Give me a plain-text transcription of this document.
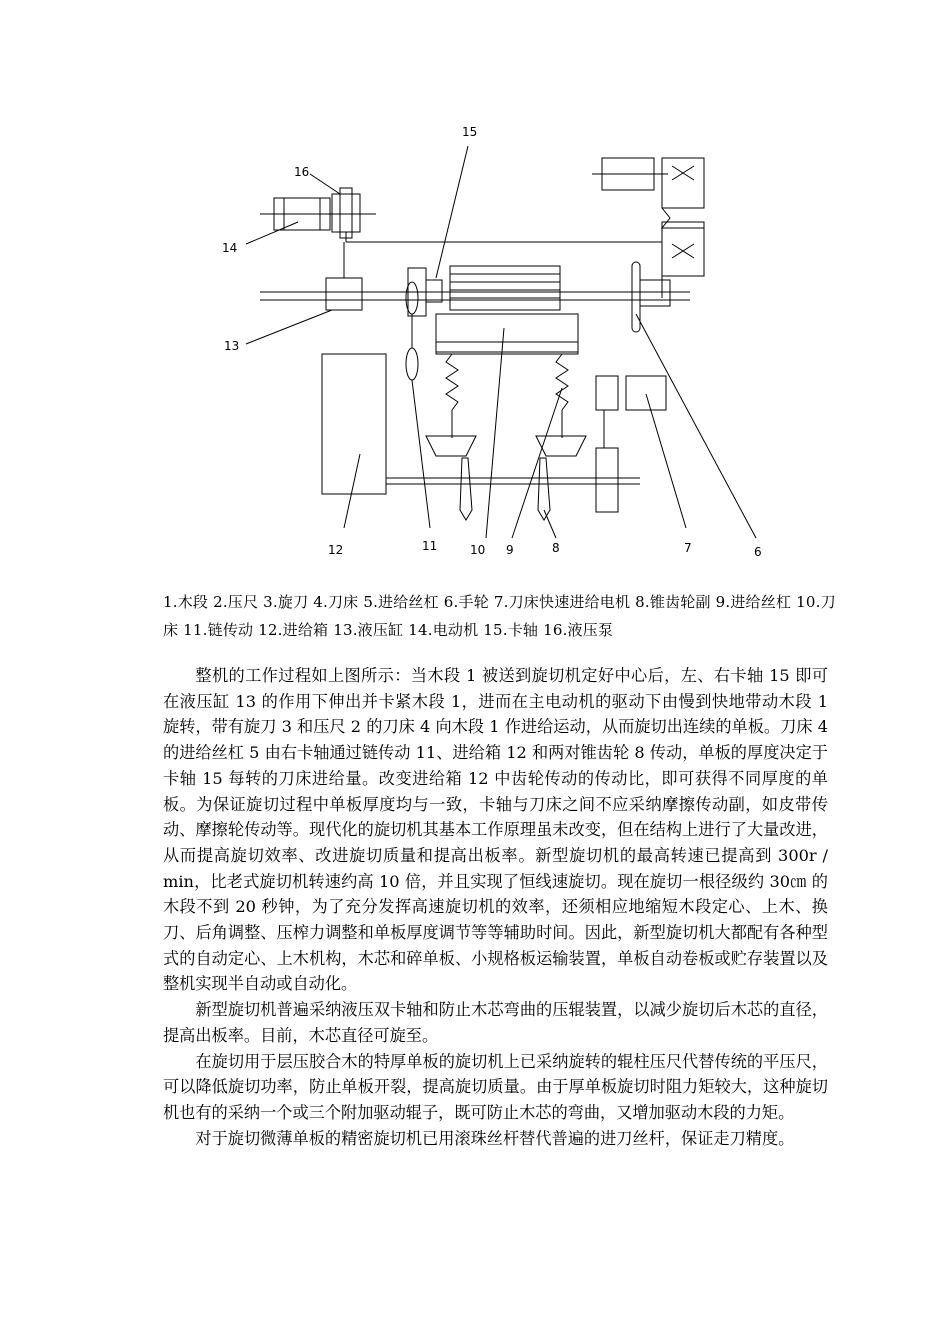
15
16
14
13
12	11	10 9	8	7	6
1.木段 2.压尺 3.旋刀 4.刀床 5.进给丝杠 6.手轮 7.刀床快速进给电机 8.锥齿轮副 9.进给丝杠 10.刀床 11.链传动 12.进给箱 13.液压缸 14.电动机 15.卡轴 16.液压泵

整机的工作过程如上图所示：当木段 1 被送到旋切机定好中心后，左、右卡轴 15 即可在液压缸 13 的作用下伸出并卡紧木段 1，进而在主电动机的驱动下由慢到快地带动木段 1 旋转，带有旋刀 3 和压尺 2 的刀床 4 向木段 1 作进给运动，从而旋切出连续的单板。刀床 4 的进给丝杠 5 由右卡轴通过链传动 11、进给箱 12 和两对锥齿轮 8 传动，单板的厚度决定于卡轴 15 每转的刀床进给量。改变进给箱 12 中齿轮传动的传动比，即可获得不同厚度的单板。为保证旋切过程中单板厚度均与一致，卡轴与刀床之间不应采纳摩擦传动副，如皮带传动、摩擦轮传动等。现代化的旋切机其基本工作原理虽未改变，但在结构上进行了大量改进，从而提高旋切效率、改进旋切质量和提高出板率。新型旋切机的最高转速已提高到 300r / min，比老式旋切机转速约高 10 倍，并且实现了恒线速旋切。现在旋切一根径级约 30㎝ 的木段不到 20 秒钟，为了充分发挥高速旋切机的效率，还须相应地缩短木段定心、上木、换刀、后角调整、压榨力调整和单板厚度调节等等辅助时间。因此，新型旋切机大都配有各种型式的自动定心、上木机构，木芯和碎单板、小规格板运输装置，单板自动卷板或贮存装置以及整机实现半自动或自动化。

新型旋切机普遍采纳液压双卡轴和防止木芯弯曲的压辊装置，以减少旋切后木芯的直径，提高出板率。目前，木芯直径可旋至。

在旋切用于层压胶合木的特厚单板的旋切机上已采纳旋转的辊柱压尺代替传统的平压尺，可以降低旋切功率，防止单板开裂，提高旋切质量。由于厚单板旋切时阻力矩较大，这种旋切机也有的采纳一个或三个附加驱动辊子，既可防止木芯的弯曲，又增加驱动木段的力矩。

对于旋切微薄单板的精密旋切机已用滚珠丝杆替代普遍的进刀丝杆，保证走刀精度。
